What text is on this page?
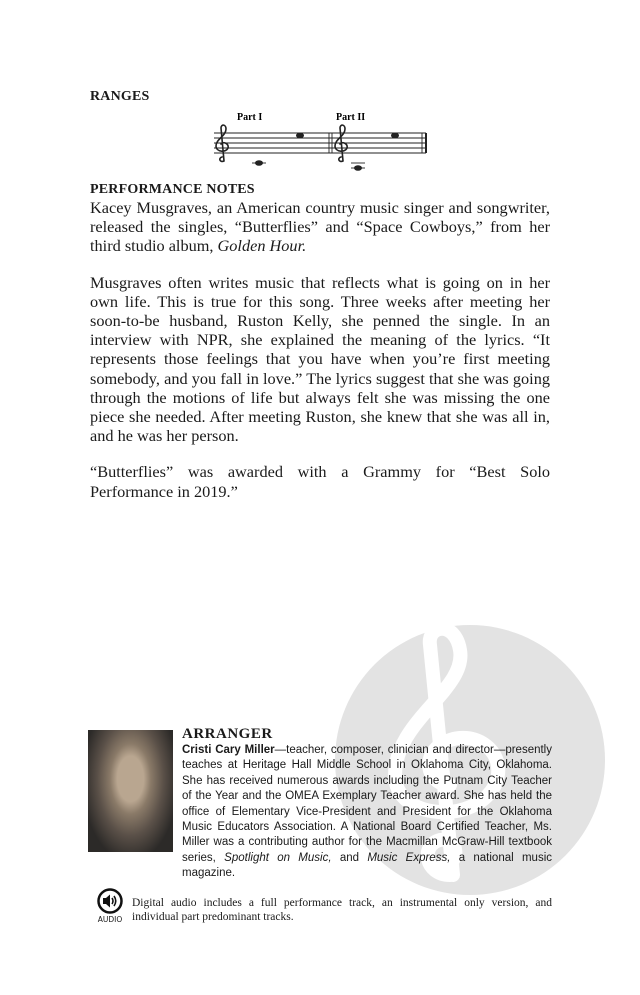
RANGES
Part I	Part II
PERFORMANCE NOTES

Kacey Musgraves, an American country music singer and songwriter, released the singles, “Butterflies” and “Space Cowboys,” from her third studio album, Golden Hour.

Musgraves often writes music that reflects what is going on in her own life. This is true for this song. Three weeks after meeting her soon-to-be husband, Ruston Kelly, she penned the single. In an interview with NPR, she explained the meaning of the lyrics. “It represents those feelings that you have when you’re first meeting somebody, and you fall in love.” The lyrics suggest that she was going through the motions of life but always felt she was missing the one piece she needed. After meeting Ruston, she knew that she was all in, and he was her person.

“Butterflies” was awarded with a Grammy for “Best Solo Performance in 2019.”

ARRANGER

Cristi Cary Miller—teacher, composer, clinician and director—presently teaches at Heritage Hall Middle School in Oklahoma City, Oklahoma. She has received numerous awards including the Putnam City Teacher of the Year and the OMEA Exemplary Teacher award. She has held the office of Elementary Vice-President and President for the Oklahoma Music Educators Association. A National Board Certified Teacher, Ms. Miller was a contributing author for the Macmillan McGraw-Hill textbook series, Spotlight on Music, and Music Express, a national music magazine.

AUDIO

Digital audio includes a full performance track, an instrumental only version, and individual part predominant tracks.
